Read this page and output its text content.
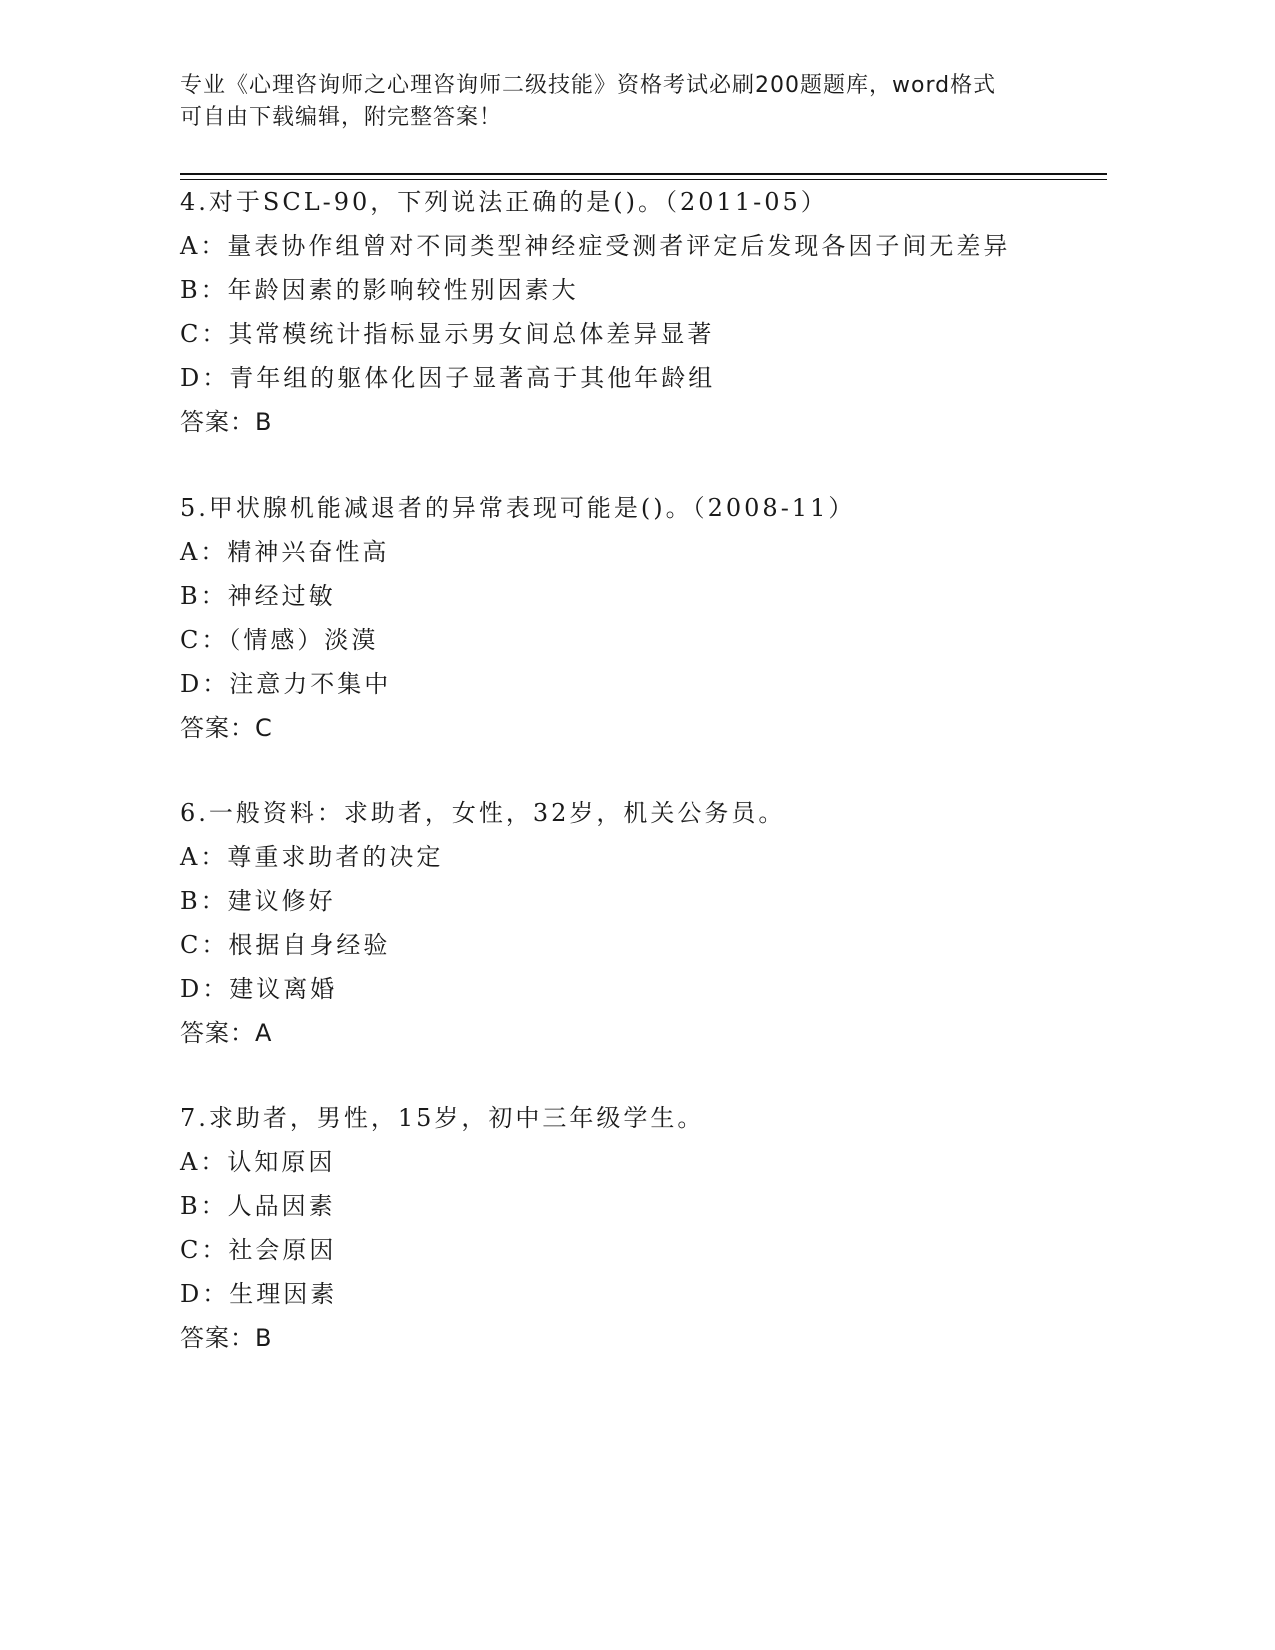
专业《心理咨询师之心理咨询师二级技能》资格考试必刷200题题库，word格式
可自由下载编辑，附完整答案！
4.对于SCL-90，下列说法正确的是()。（2011-05）
A：量表协作组曾对不同类型神经症受测者评定后发现各因子间无差异
B：年龄因素的影响较性别因素大
C：其常模统计指标显示男女间总体差异显著
D：青年组的躯体化因子显著高于其他年龄组
答案：B
5.甲状腺机能减退者的异常表现可能是()。（2008-11）
A：精神兴奋性高
B：神经过敏
C：（情感）淡漠
D：注意力不集中
答案：C
6.一般资料：求助者，女性，32岁，机关公务员。
A：尊重求助者的决定
B：建议修好
C：根据自身经验
D：建议离婚
答案：A
7.求助者，男性，15岁，初中三年级学生。
A：认知原因
B：人品因素
C：社会原因
D：生理因素
答案：B
